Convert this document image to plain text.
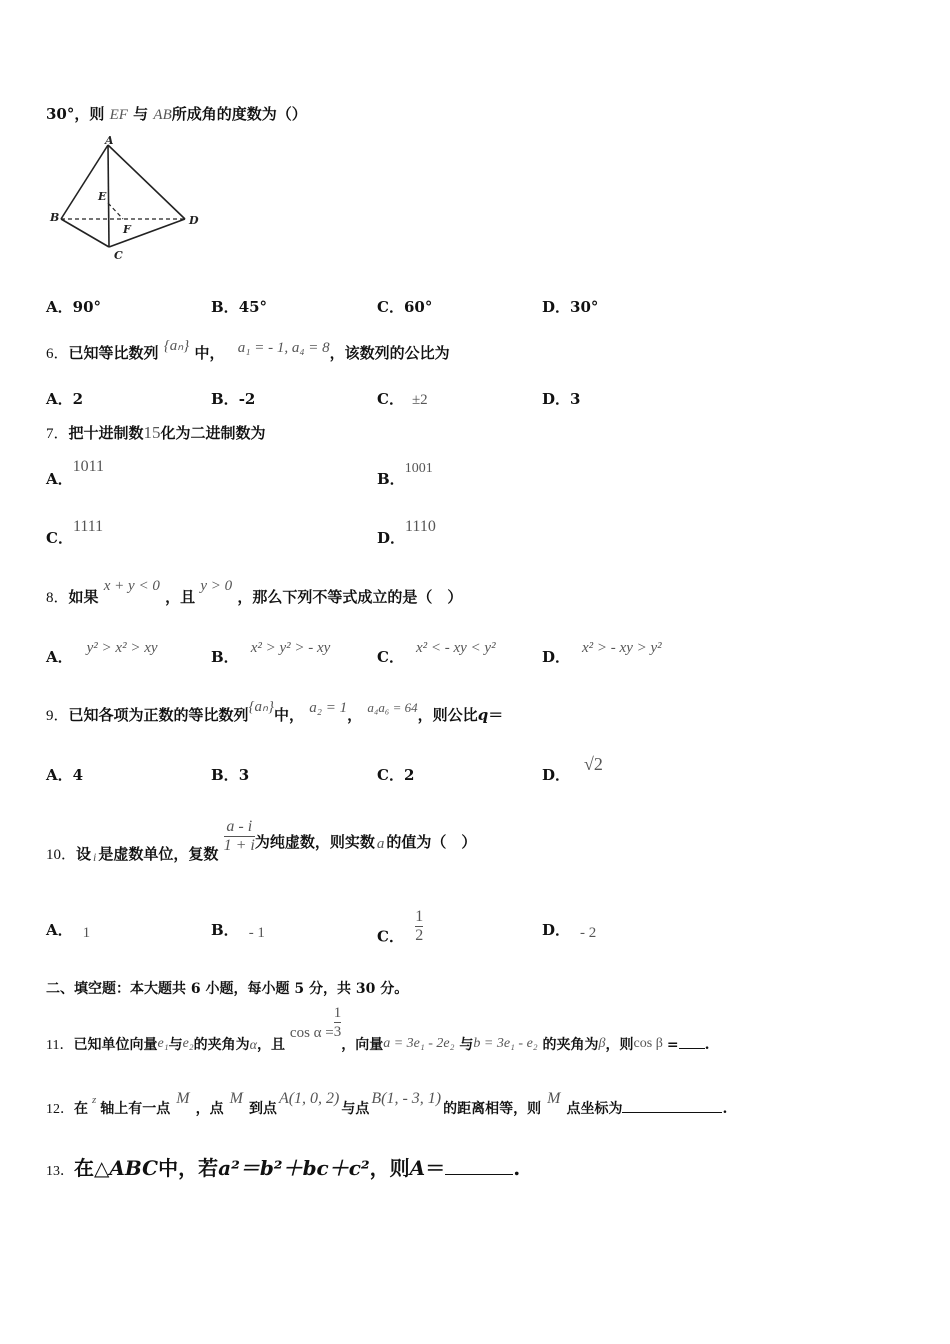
30°，则 EF 与 AB所成角的度数为（）
A
B
C
D
E
F
A．90°	B．45°	C．60°	D．30°
6．已知等比数列 {aₙ} 中， a₁ = - 1, a₄ = 8，该数列的公比为
A．2	B．-2	C． ±2	D．3
7．把十进制数15化为二进制数为
A．1011
B．1001
C．1111
D．1110
8．如果 x + y < 0 ，且 y > 0 ，那么下列不等式成立的是（　）
A． y² > x² > xy	B． x² > y² > - xy	C． x² < - xy < y²	D． x² > - xy > y²
9．已知各项为正数的等比数列{aₙ}中， a₂ = 1， a₄a₆ = 64，则公比q＝
A．4	B．3	C．2	D．√2
10．设 $_i$ 是虚数单位，复数 $\frac{a - i}{1 + i}$ 为纯虚数，则实数 a 的值为（　）
A． 1	B． - 1	C． $\frac{1}{2}$	D． - 2
二、填空题：本大题共 6 小题，每小题 5 分，共 30 分。
11．已知单位向量e₁与e₂的夹角为α，且 $\cos \alpha = \frac{1}{3}$
，向量a = 3e₁ - 2e₂ 与b = 3e₁ - e₂ 的夹角为β，则cos β = .
12．在z轴上有一点M，点M到点A(1, 0, 2)与点B(1, - 3, 1)的距离相等，则M点坐标为	.
13．在△ABC中，若a²＝b²＋bc＋c²，则A＝	.
